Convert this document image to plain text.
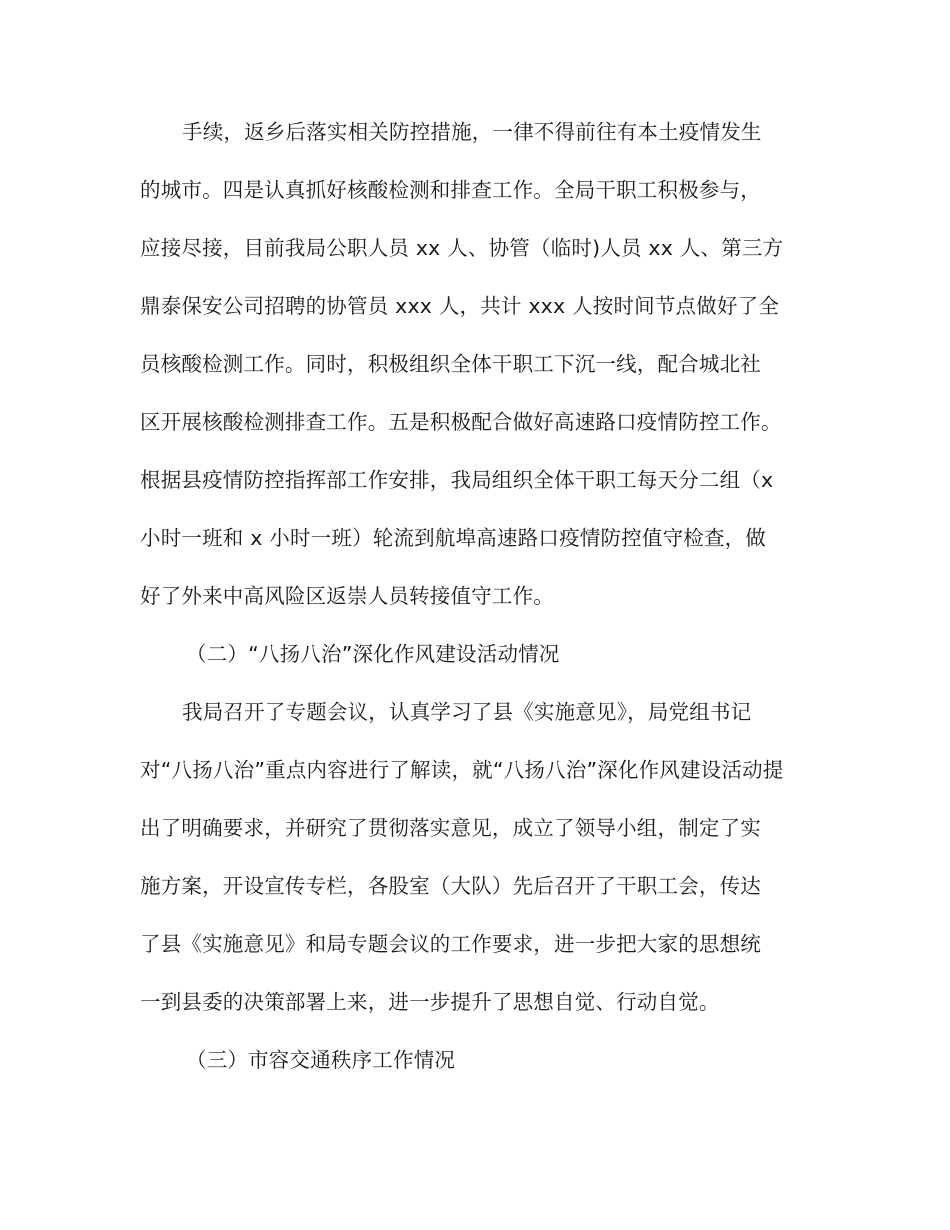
手续，返乡后落实相关防控措施，一律不得前往有本土疫情发生
的城市。四是认真抓好核酸检测和排查工作。全局干职工积极参与，
应接尽接，目前我局公职人员 xx 人、协管（临时)人员 xx 人、第三方
鼎泰保安公司招聘的协管员 xxx 人，共计 xxx 人按时间节点做好了全
员核酸检测工作。同时，积极组织全体干职工下沉一线，配合城北社
区开展核酸检测排查工作。五是积极配合做好高速路口疫情防控工作。
根据县疫情防控指挥部工作安排，我局组织全体干职工每天分二组（x
小时一班和 x 小时一班）轮流到航埠高速路口疫情防控值守检查，做
好了外来中高风险区返崇人员转接值守工作。
（二）“八扬八治”深化作风建设活动情况
我局召开了专题会议，认真学习了县《实施意见》，局党组书记
对“八扬八治”重点内容进行了解读，就“八扬八治”深化作风建设活动提
出了明确要求，并研究了贯彻落实意见，成立了领导小组，制定了实
施方案，开设宣传专栏，各股室（大队）先后召开了干职工会，传达
了县《实施意见》和局专题会议的工作要求，进一步把大家的思想统
一到县委的决策部署上来，进一步提升了思想自觉、行动自觉。
（三）市容交通秩序工作情况
